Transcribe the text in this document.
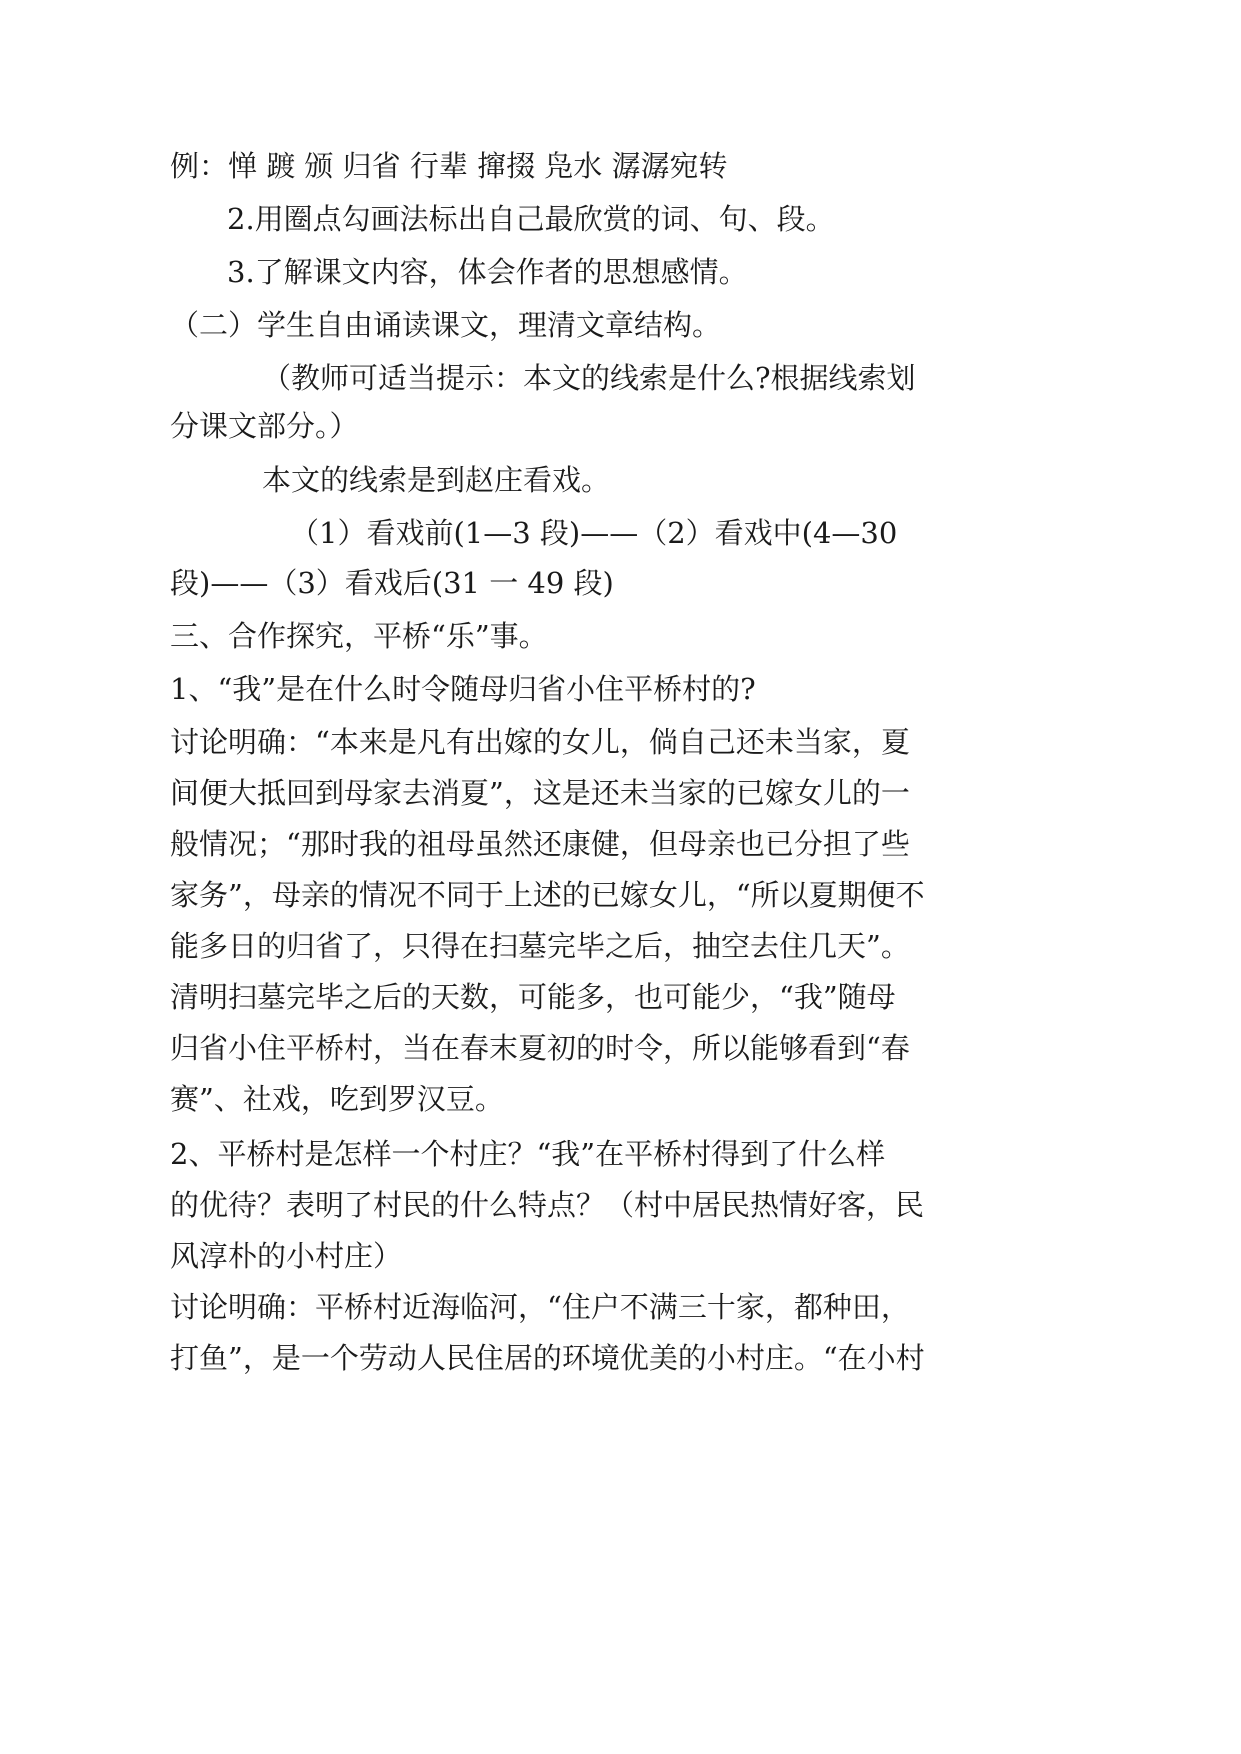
例：惮 踱 颁 归省 行辈 撺掇 凫水 潺潺宛转
2.用圈点勾画法标出自己最欣赏的词、句、段。
3.了解课文内容，体会作者的思想感情。
（二）学生自由诵读课文，理清文章结构。
（教师可适当提示：本文的线索是什么?根据线索划
分课文部分。）
本文的线索是到赵庄看戏。
（1）看戏前(1—3 段)——（2）看戏中(4—30
段)——（3）看戏后(31 一 49 段)
三、合作探究，平桥“乐”事。
1、“我”是在什么时令随母归省小住平桥村的?
讨论明确：“本来是凡有出嫁的女儿，倘自己还未当家，夏
间便大抵回到母家去消夏”，这是还未当家的已嫁女儿的一
般情况；“那时我的祖母虽然还康健，但母亲也已分担了些
家务”，母亲的情况不同于上述的已嫁女儿，“所以夏期便不
能多日的归省了，只得在扫墓完毕之后，抽空去住几天”。
清明扫墓完毕之后的天数，可能多，也可能少，“我”随母
归省小住平桥村，当在春末夏初的时令，所以能够看到“春
赛”、社戏，吃到罗汉豆。
2、平桥村是怎样一个村庄？“我”在平桥村得到了什么样
的优待？表明了村民的什么特点？（村中居民热情好客，民
风淳朴的小村庄）
讨论明确：平桥村近海临河，“住户不满三十家，都种田，
打鱼”，是一个劳动人民住居的环境优美的小村庄。“在小村
